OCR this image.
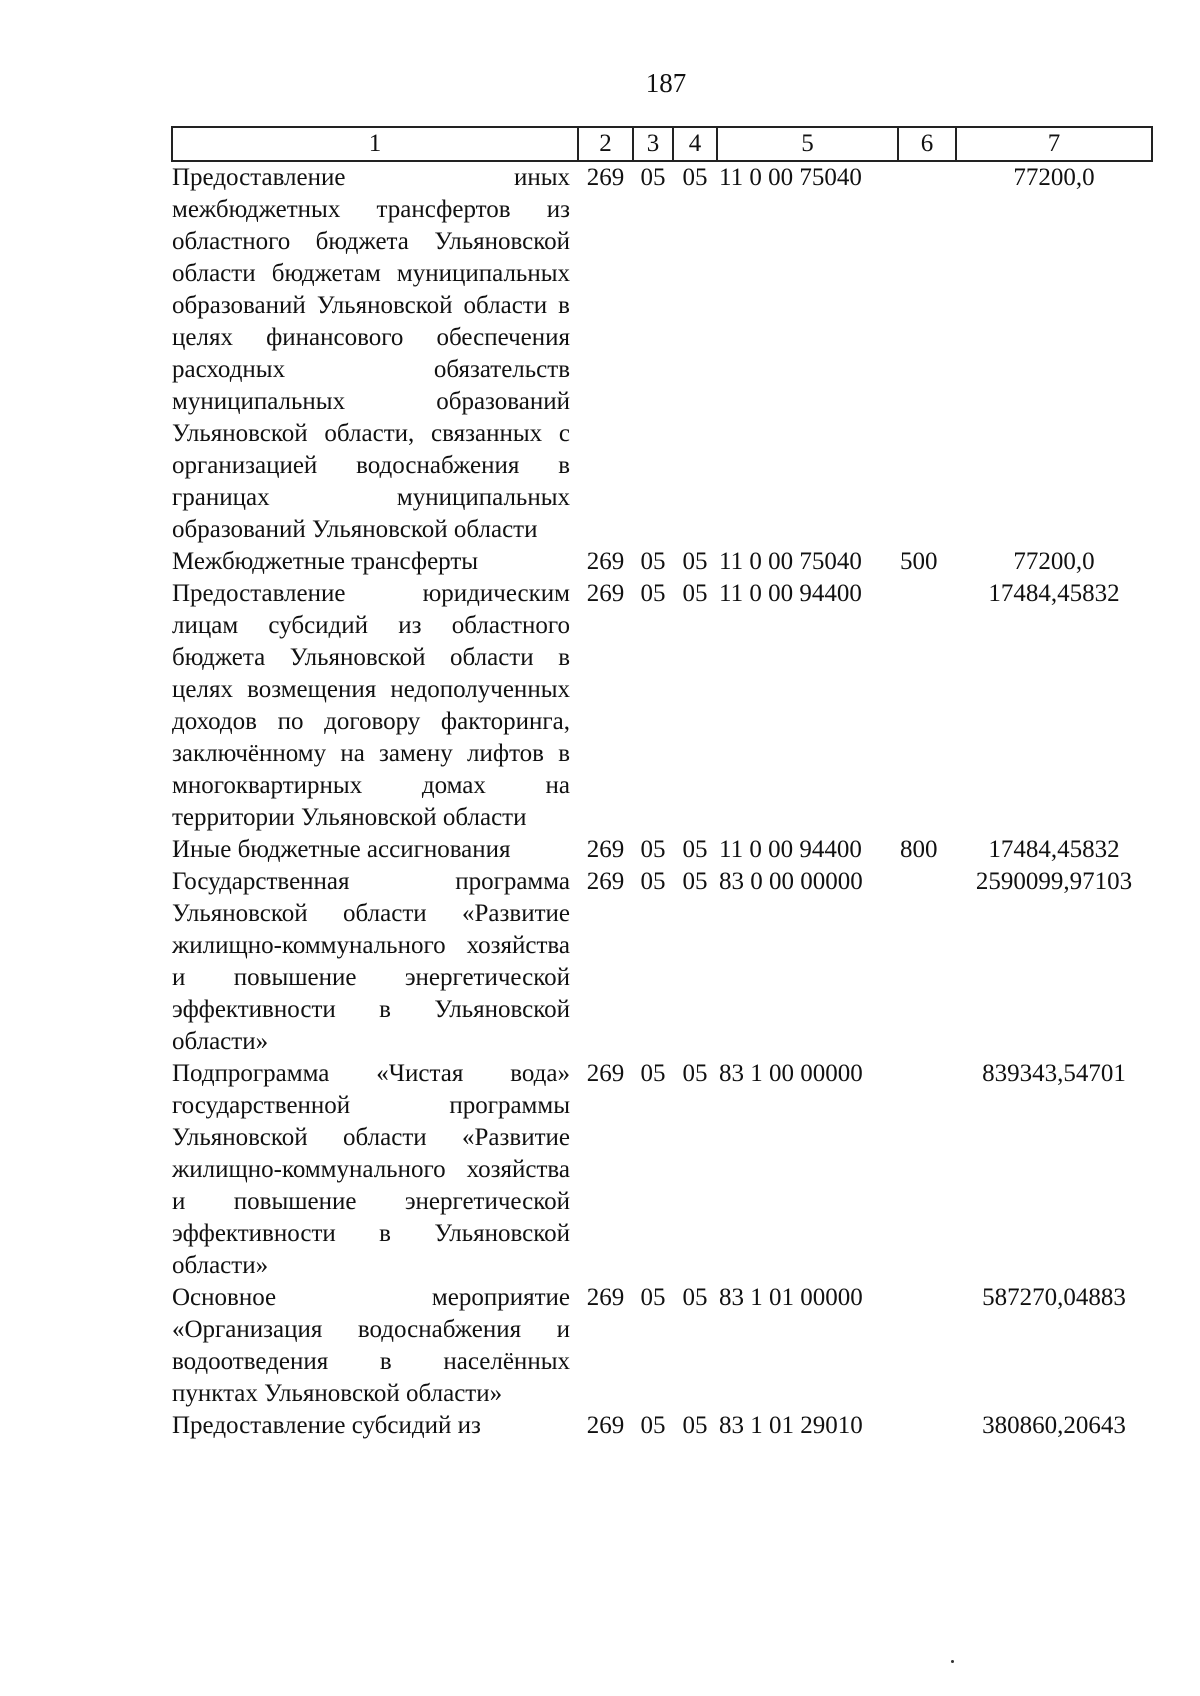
187
1	2	3	4	5	6	7
Предоставление иных межбюджетных трансфертов из областного бюджета Ульяновской области бюджетам муниципальных образований Ульяновской области в целях финансового обеспечения расходных обязательств муниципальных образований Ульяновской области, связанных с организацией водоснабжения в границах муниципальных образований Ульяновской области	269	05	05	11 0 00 75040		77200,0
Межбюджетные трансферты	269	05	05	11 0 00 75040	500	77200,0
Предоставление юридическим лицам субсидий из областного бюджета Ульяновской области в целях возмещения недополученных доходов по договору факторинга, заключённому на замену лифтов в многоквартирных домах на территории Ульяновской области	269	05	05	11 0 00 94400		17484,45832
Иные бюджетные ассигнования	269	05	05	11 0 00 94400	800	17484,45832
Государственная программа Ульяновской области «Развитие жилищно-коммунального хозяйства и повышение энергетической эффективности в Ульяновской области»	269	05	05	83 0 00 00000		2590099,97103
Подпрограмма «Чистая вода» государственной программы Ульяновской области «Развитие жилищно-коммунального хозяйства и повышение энергетической эффективности в Ульяновской области»	269	05	05	83 1 00 00000		839343,54701
Основное мероприятие «Организация водоснабжения и водоотведения в населённых пунктах Ульяновской области»	269	05	05	83 1 01 00000		587270,04883
Предоставление субсидий из	269	05	05	83 1 01 29010		380860,20643
